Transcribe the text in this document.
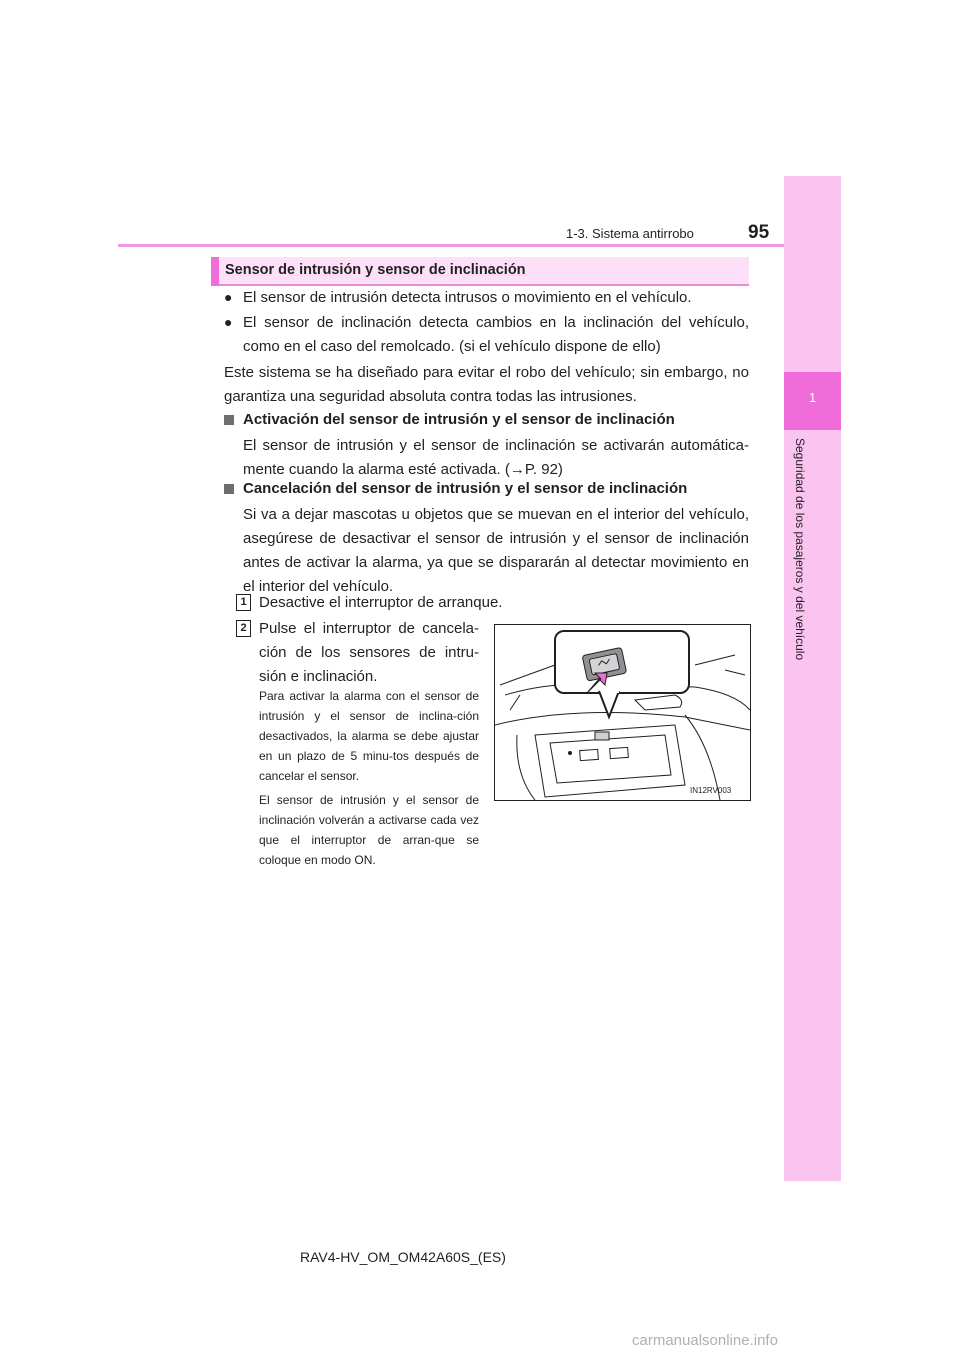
1
Seguridad de los pasajeros y del vehículo
1-3. Sistema antirrobo	95
Sensor de intrusión y sensor de inclinación
● El sensor de intrusión detecta intrusos o movimiento en el vehículo.
● El sensor de inclinación detecta cambios en la inclinación del vehículo, como en el caso del remolcado. (si el vehículo dispone de ello)
Este sistema se ha diseñado para evitar el robo del vehículo; sin embargo, no garantiza una seguridad absoluta contra todas las intrusiones.
Activación del sensor de intrusión y el sensor de inclinación
El sensor de intrusión y el sensor de inclinación se activarán automática-mente cuando la alarma esté activada. (→P. 92)
Cancelación del sensor de intrusión y el sensor de inclinación
Si va a dejar mascotas u objetos que se muevan en el interior del vehículo, asegúrese de desactivar el sensor de intrusión y el sensor de inclinación antes de activar la alarma, ya que se dispararán al detectar movimiento en el interior del vehículo.
1 Desactive el interruptor de arranque.
2 Pulse el interruptor de cancela-ción de los sensores de intru-sión e inclinación.
Para activar la alarma con el sensor de intrusión y el sensor de inclina-ción desactivados, la alarma se debe ajustar en un plazo de 5 minu-tos después de cancelar el sensor.
El sensor de intrusión y el sensor de inclinación volverán a activarse cada vez que el interruptor de arran-que se coloque en modo ON.
IN12RV003
RAV4-HV_OM_OM42A60S_(ES)
carmanualsonline.info
